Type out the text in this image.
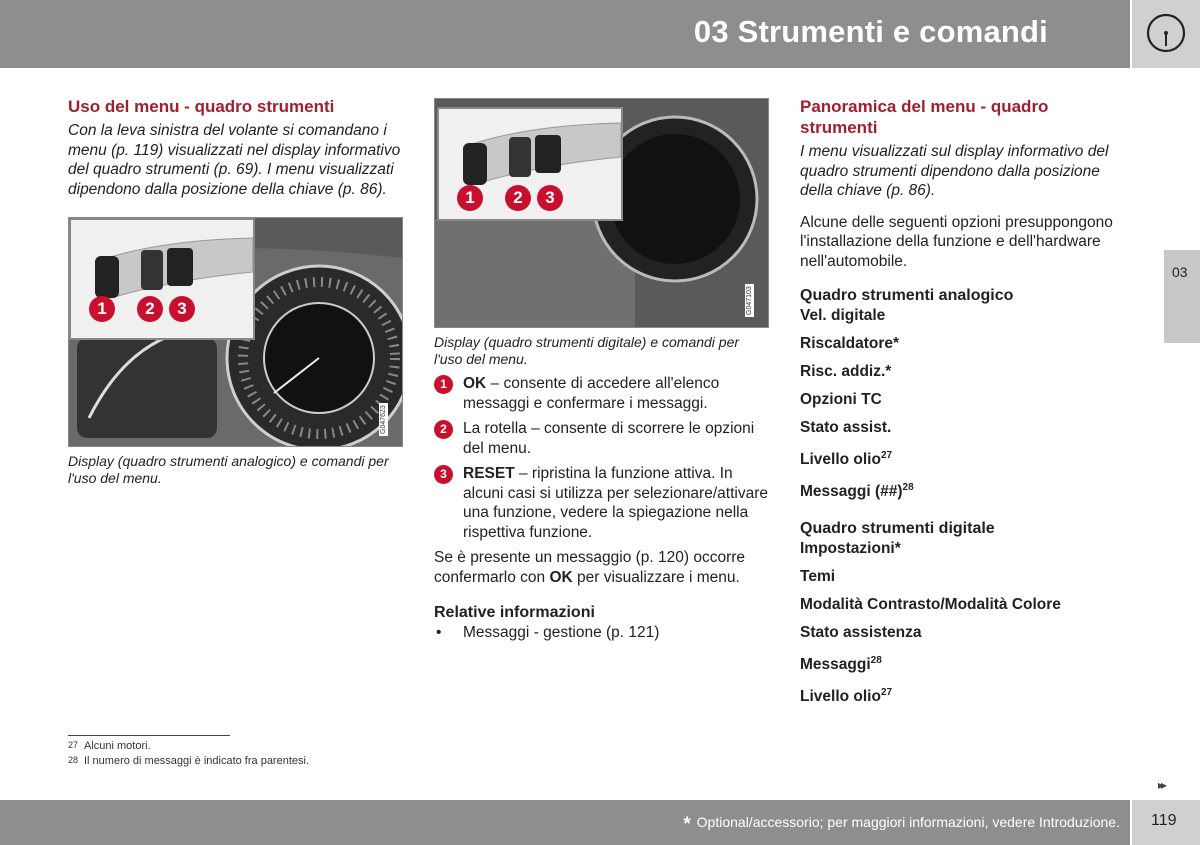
03 Strumenti e comandi
03
Uso del menu - quadro strumenti

Con la leva sinistra del volante si comandano i menu (p. 119) visualizzati nel display informativo del quadro strumenti (p. 69). I menu visualizzati dipendono dalla posizione della chiave (p. 86).

1	2	3
G047623
Display (quadro strumenti analogico) e comandi per l'uso del menu.
1	2	3
G047103
Display (quadro strumenti digitale) e comandi per l'uso del menu.
1	OK – consente di accedere all'elenco messaggi e confermare i messaggi.

2	La rotella – consente di scorrere le opzioni del menu.

3	RESET – ripristina la funzione attiva. In alcuni casi si utilizza per selezionare/attivare una funzione, vedere la spiegazione nella rispettiva funzione.

Se è presente un messaggio (p. 120) occorre confermarlo con OK per visualizzare i menu.

Relative informazioni
• Messaggi - gestione (p. 121)
Panoramica del menu - quadro strumenti

I menu visualizzati sul display informativo del quadro strumenti dipendono dalla posizione della chiave (p. 86).

Alcune delle seguenti opzioni presuppongono l'installazione della funzione e dell'hardware nell'automobile.

Quadro strumenti analogico
Vel. digitale
Riscaldatore*
Risc. addiz.*
Opzioni TC
Stato assist.
Livello olio$^{27}$
Messaggi (##)$^{28}$
Quadro strumenti digitale
Impostazioni*
Temi
Modalità Contrasto/Modalità Colore
Stato assistenza
Messaggi$^{28}$
Livello olio$^{27}$
27 Alcuni motori.
28 Il numero di messaggi è indicato fra parentesi.
▸▸
* Optional/accessorio; per maggiori informazioni, vedere Introduzione. 119
